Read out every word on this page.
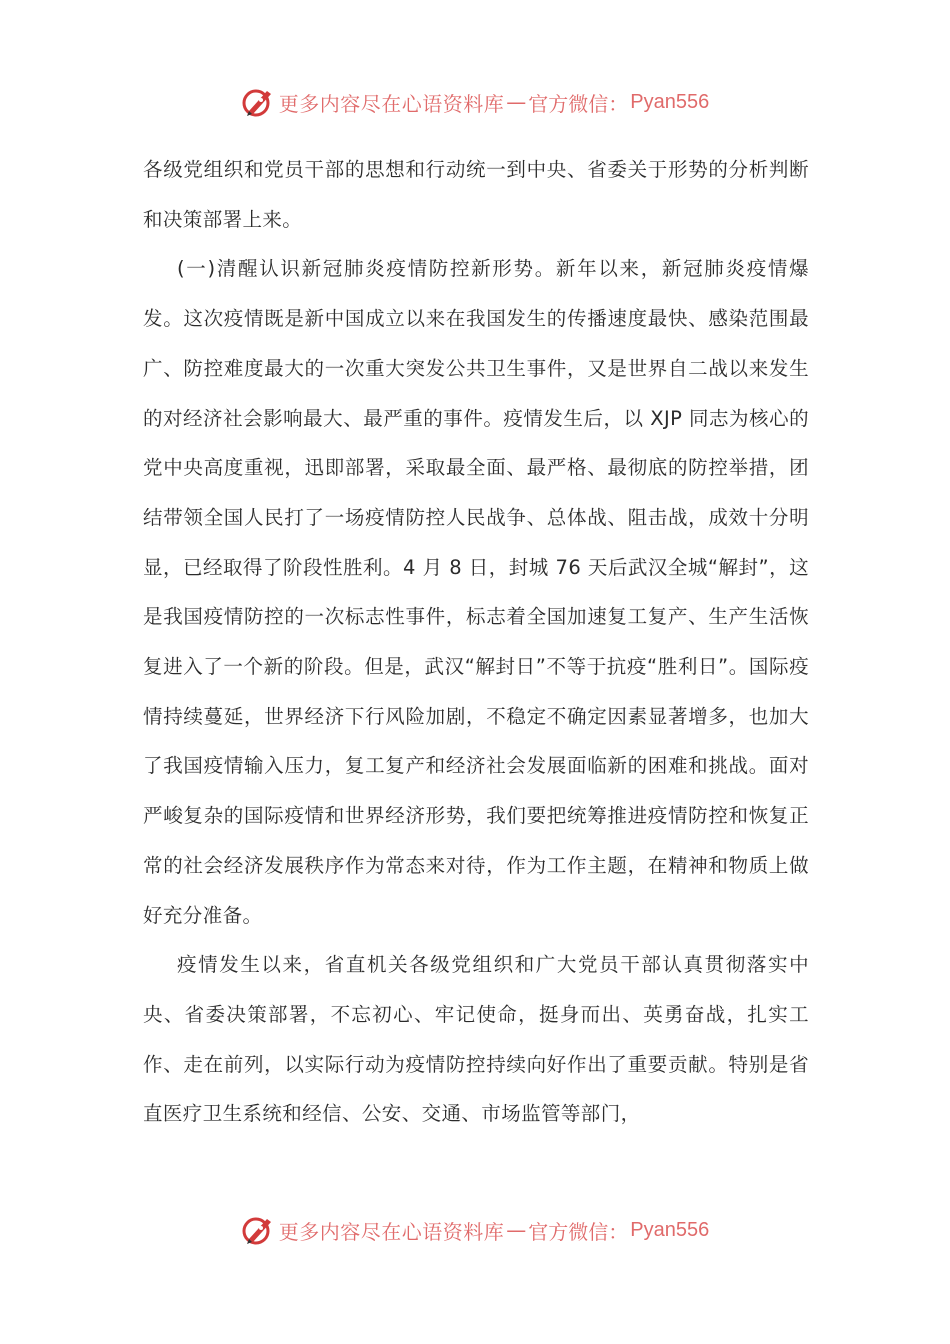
更多内容尽在心语资料库 — 官方微信： Pyan556

各级党组织和党员干部的思想和行动统一到中央、省委关于形势的分析判断和决策部署上来。

(一)清醒认识新冠肺炎疫情防控新形势。新年以来，新冠肺炎疫情爆发。这次疫情既是新中国成立以来在我国发生的传播速度最快、感染范围最广、防控难度最大的一次重大突发公共卫生事件，又是世界自二战以来发生的对经济社会影响最大、最严重的事件。疫情发生后，以 XJP 同志为核心的党中央高度重视，迅即部署，采取最全面、最严格、最彻底的防控举措，团结带领全国人民打了一场疫情防控人民战争、总体战、阻击战，成效十分明显，已经取得了阶段性胜利。4 月 8 日，封城 76 天后武汉全城“解封”，这是我国疫情防控的一次标志性事件，标志着全国加速复工复产、生产生活恢复进入了一个新的阶段。但是，武汉“解封日”不等于抗疫“胜利日”。国际疫情持续蔓延，世界经济下行风险加剧，不稳定不确定因素显著增多，也加大了我国疫情输入压力，复工复产和经济社会发展面临新的困难和挑战。面对严峻复杂的国际疫情和世界经济形势，我们要把统筹推进疫情防控和恢复正常的社会经济发展秩序作为常态来对待，作为工作主题，在精神和物质上做好充分准备。

疫情发生以来，省直机关各级党组织和广大党员干部认真贯彻落实中央、省委决策部署，不忘初心、牢记使命，挺身而出、英勇奋战，扎实工作、走在前列，以实际行动为疫情防控持续向好作出了重要贡献。特别是省直医疗卫生系统和经信、公安、交通、市场监管等部门，

更多内容尽在心语资料库 — 官方微信： Pyan556
